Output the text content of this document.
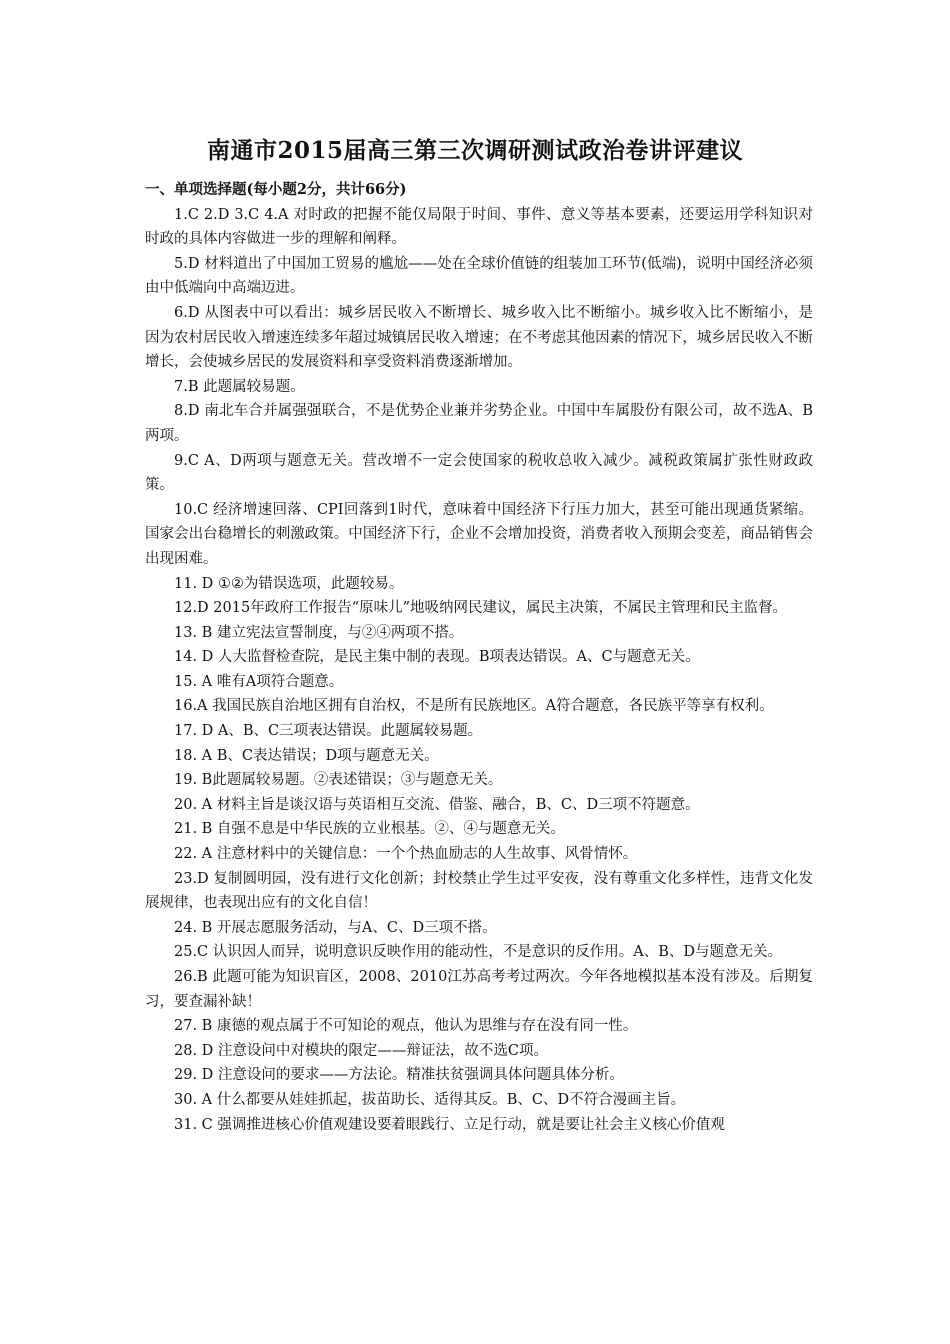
南通市2015届高三第三次调研测试政治卷讲评建议

一、单项选择题(每小题2分，共计66分)

1.C 2.D 3.C 4.A 对时政的把握不能仅局限于时间、事件、意义等基本要素，还要运用学科知识对时政的具体内容做进一步的理解和阐释。

5.D 材料道出了中国加工贸易的尴尬——处在全球价值链的组装加工环节(低端)，说明中国经济必须由中低端向中高端迈进。

6.D 从图表中可以看出：城乡居民收入不断增长、城乡收入比不断缩小。城乡收入比不断缩小，是因为农村居民收入增速连续多年超过城镇居民收入增速；在不考虑其他因素的情况下，城乡居民收入不断增长，会使城乡居民的发展资料和享受资料消费逐渐增加。

7.B 此题属较易题。

8.D 南北车合并属强强联合，不是优势企业兼并劣势企业。中国中车属股份有限公司，故不选A、B两项。

9.C A、D两项与题意无关。营改增不一定会使国家的税收总收入减少。减税政策属扩张性财政政策。

10.C 经济增速回落、CPI回落到1时代，意味着中国经济下行压力加大，甚至可能出现通货紧缩。国家会出台稳增长的刺激政策。中国经济下行，企业不会增加投资，消费者收入预期会变差，商品销售会出现困难。

11. D ①②为错误选项，此题较易。

12.D 2015年政府工作报告“原味儿”地吸纳网民建议，属民主决策，不属民主管理和民主监督。

13. B 建立宪法宣誓制度，与②④两项不搭。

14. D 人大监督检查院，是民主集中制的表现。B项表达错误。A、C与题意无关。

15. A 唯有A项符合题意。

16.A 我国民族自治地区拥有自治权，不是所有民族地区。A符合题意，各民族平等享有权利。

17. D A、B、C三项表达错误。此题属较易题。

18. A B、C表达错误；D项与题意无关。

19. B此题属较易题。②表述错误；③与题意无关。

20. A 材料主旨是谈汉语与英语相互交流、借鉴、融合，B、C、D三项不符题意。

21. B 自强不息是中华民族的立业根基。②、④与题意无关。

22. A 注意材料中的关键信息：一个个热血励志的人生故事、风骨情怀。

23.D 复制圆明园，没有进行文化创新；封校禁止学生过平安夜，没有尊重文化多样性，违背文化发展规律，也表现出应有的文化自信！

24. B 开展志愿服务活动，与A、C、D三项不搭。

25.C 认识因人而异，说明意识反映作用的能动性，不是意识的反作用。A、B、D与题意无关。

26.B 此题可能为知识盲区，2008、2010江苏高考考过两次。今年各地模拟基本没有涉及。后期复习，要查漏补缺！

27. B 康德的观点属于不可知论的观点，他认为思维与存在没有同一性。

28. D 注意设问中对模块的限定——辩证法，故不选C项。

29. D 注意设问的要求——方法论。精准扶贫强调具体问题具体分析。

30. A 什么都要从娃娃抓起，拔苗助长、适得其反。B、C、D不符合漫画主旨。

31. C 强调推进核心价值观建设要着眼践行、立足行动，就是要让社会主义核心价值观
